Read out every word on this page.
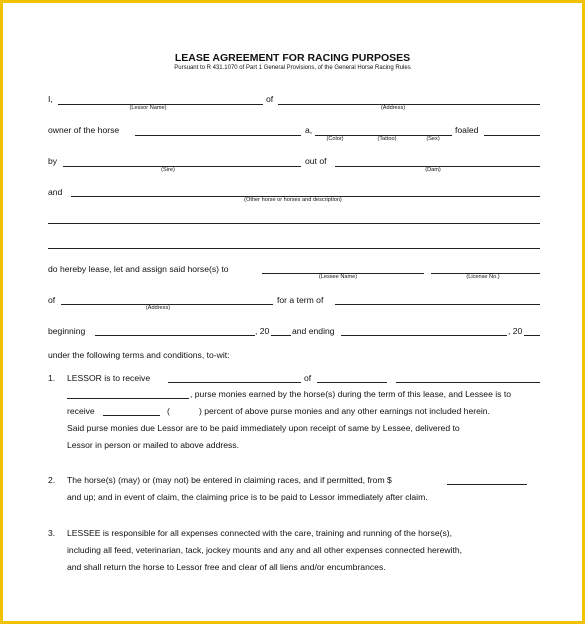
LEASE AGREEMENT FOR RACING PURPOSES
Pursuant to R 431.1070 of Part 1 General Provisions, of the General Horse Racing Rules
I,	of
(Lessor Name)	(Address)
owner of the horse	a,	foaled
(Color)	(Tattoo)	(Sex)
by	out of
(Sire)	(Dam)
and
(Other horse or horses and description)
do hereby lease, let and assign said horse(s) to
(Lessee Name)	(License No.)
of	for a term of
(Address)
beginning	, 20	and ending	, 20
under the following terms and conditions, to-wit:
1. LESSOR is to receive	of
, purse monies earned by the horse(s) during the term of this lease, and Lessee is to
receive	(	) percent of above purse monies and any other earnings not included herein.
Said purse monies due Lessor are to be paid immediately upon receipt of same by Lessee, delivered to
Lessor in person or mailed to above address.
2. The horse(s) (may) or (may not) be entered in claiming races, and if permitted, from $
and up; and in event of claim, the claiming price is to be paid to Lessor immediately after claim.
3. LESSEE is responsible for all expenses connected with the care, training and running of the horse(s),
including all feed, veterinarian, tack, jockey mounts and any and all other expenses connected herewith,
and shall return the horse to Lessor free and clear of all liens and/or encumbrances.
